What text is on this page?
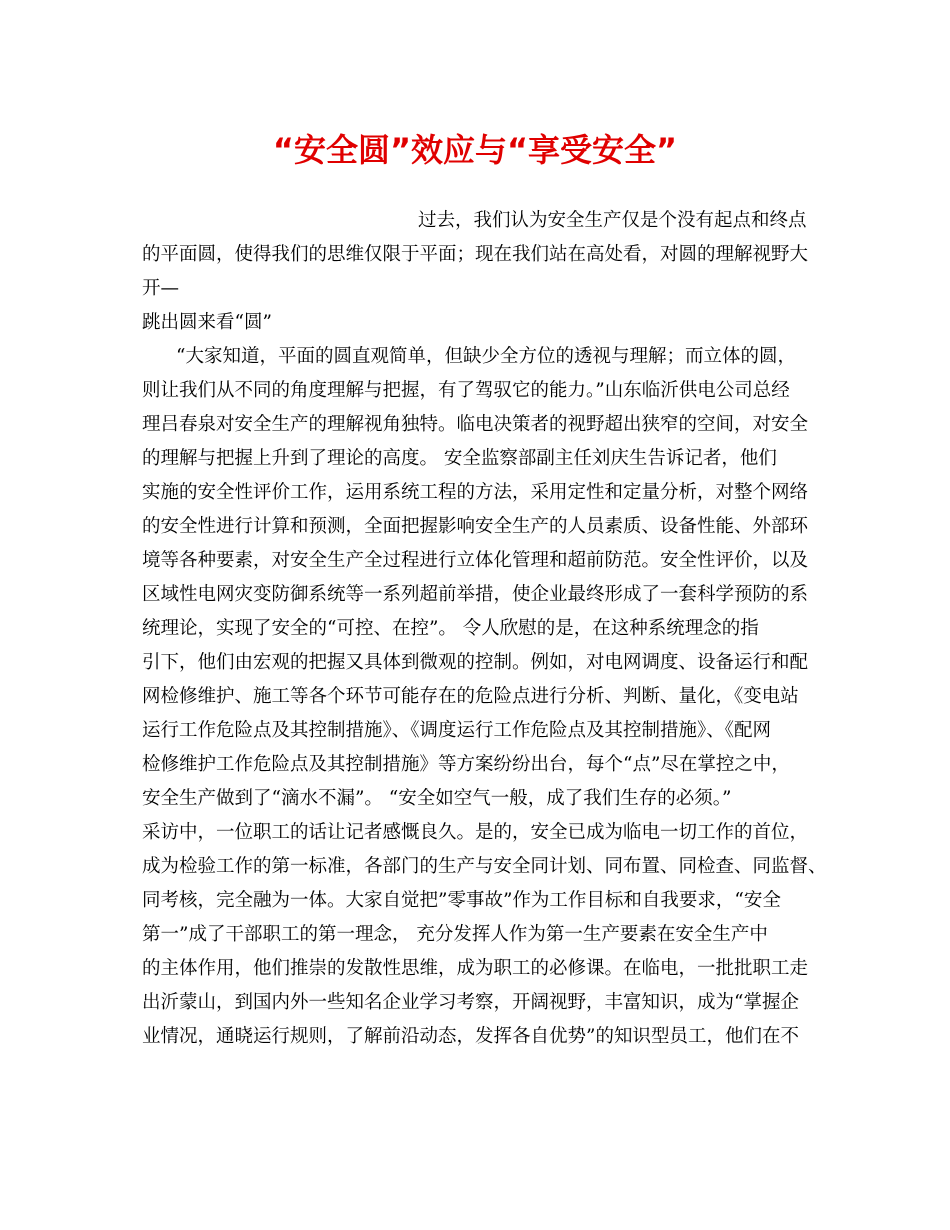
“安全圆”效应与“享受安全”

过去，我们认为安全生产仅是个没有起点和终点

的平面圆，使得我们的思维仅限于平面；现在我们站在高处看，对圆的理解视野大

开—

跳出圆来看“圆”

“大家知道，平面的圆直观简单，但缺少全方位的透视与理解；而立体的圆，

则让我们从不同的角度理解与把握，有了驾驭它的能力。”山东临沂供电公司总经

理吕春泉对安全生产的理解视角独特。临电决策者的视野超出狭窄的空间，对安全

的理解与把握上升到了理论的高度。 安全监察部副主任刘庆生告诉记者，他们

实施的安全性评价工作，运用系统工程的方法，采用定性和定量分析，对整个网络

的安全性进行计算和预测，全面把握影响安全生产的人员素质、设备性能、外部环

境等各种要素，对安全生产全过程进行立体化管理和超前防范。安全性评价，以及

区域性电网灾变防御系统等一系列超前举措，使企业最终形成了一套科学预防的系

统理论，实现了安全的“可控、在控”。 令人欣慰的是，在这种系统理念的指

引下，他们由宏观的把握又具体到微观的控制。例如，对电网调度、设备运行和配

网检修维护、施工等各个环节可能存在的危险点进行分析、判断、量化，《变电站

运行工作危险点及其控制措施》、《调度运行工作危险点及其控制措施》、《配网

检修维护工作危险点及其控制措施》等方案纷纷出台，每个“点”尽在掌控之中，

安全生产做到了“滴水不漏”。 “安全如空气一般，成了我们生存的必须。”

采访中，一位职工的话让记者感慨良久。是的，安全已成为临电一切工作的首位，

成为检验工作的第一标准，各部门的生产与安全同计划、同布置、同检查、同监督、

同考核，完全融为一体。大家自觉把”零事故”作为工作目标和自我要求，“安全

第一”成了干部职工的第一理念， 充分发挥人作为第一生产要素在安全生产中

的主体作用，他们推崇的发散性思维，成为职工的必修课。在临电，一批批职工走

出沂蒙山，到国内外一些知名企业学习考察，开阔视野，丰富知识，成为“掌握企

业情况，通晓运行规则，了解前沿动态，发挥各自优势”的知识型员工，他们在不
